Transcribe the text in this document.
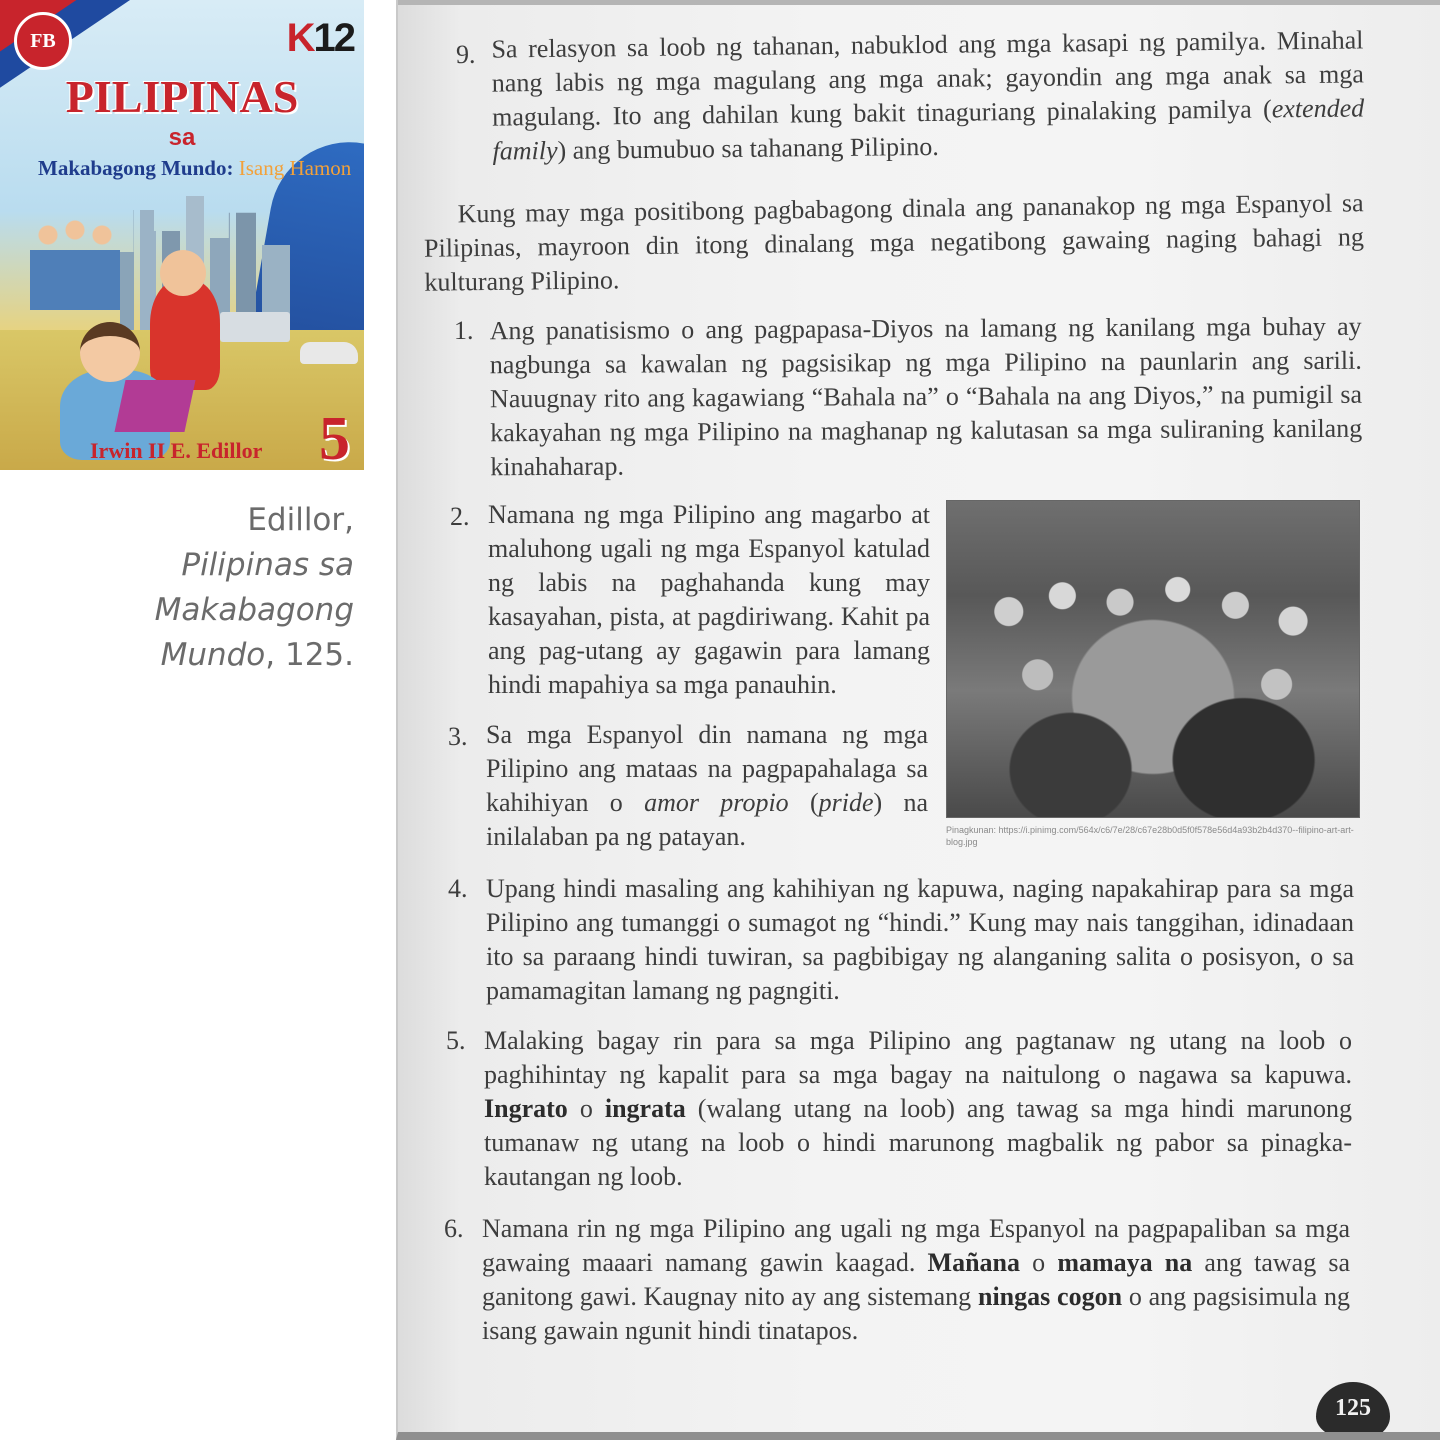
FB	K12
PILIPINAS
sa
Makabagong Mundo: Isang Hamon
Irwin II E. Edillor 5
Edillor,
Pilipinas sa
Makabagong
Mundo, 125.
9. Sa relasyon sa loob ng tahanan, nabuklod ang mga kasapi ng pamilya. Minahal nang labis ng mga magulang ang mga anak; gayondin ang mga anak sa mga magulang. Ito ang dahilan kung bakit tinaguriang pinalaking pamilya (extended family) ang bumubuo sa tahanang Pilipino.
Kung may mga positibong pagbabagong dinala ang pananakop ng mga Espanyol sa Pilipinas, mayroon din itong dinalang mga negatibong gawaing naging bahagi ng kulturang Pilipino.
1. Ang panatisismo o ang pagpapasa-Diyos na lamang ng kanilang mga buhay ay nagbunga sa kawalan ng pagsisikap ng mga Pilipino na paunlarin ang sarili. Nauugnay rito ang kagawiang “Bahala na” o “Bahala na ang Diyos,” na pumigil sa kakayahan ng mga Pilipino na maghanap ng kalutasan sa mga suliraning kanilang kinahaharap.
2. Namana ng mga Pilipino ang magarbo at maluhong ugali ng mga Espanyol katulad ng labis na paghahanda kung may kasayahan, pista, at pagdiriwang. Kahit pa ang pag-utang ay gagawin para lamang hindi mapahiya sa mga panauhin.
3. Sa mga Espanyol din namana ng mga Pilipino ang mataas na pagpapahalaga sa kahihiyan o amor propio (pride) na inilalaban pa ng patayan.	Pinagkunan: https://i.pinimg.com/564x/c6/7e/28/c67e28b0d5f0f578e56d4a93b2b4d370--filipino-art-art-blog.jpg
4. Upang hindi masaling ang kahihiyan ng kapuwa, naging napakahirap para sa mga Pilipino ang tumanggi o sumagot ng “hindi.” Kung may nais tanggihan, idinadaan ito sa paraang hindi tuwiran, sa pagbibigay ng alanganing salita o posisyon, o sa pamamagitan lamang ng pagngiti.
5. Malaking bagay rin para sa mga Pilipino ang pagtanaw ng utang na loob o paghihintay ng kapalit para sa mga bagay na naitulong o nagawa sa kapuwa. Ingrato o ingrata (walang utang na loob) ang tawag sa mga hindi marunong tumanaw ng utang na loob o hindi marunong magbalik ng pabor sa pinagka-kautangan ng loob.
6. Namana rin ng mga Pilipino ang ugali ng mga Espanyol na pagpapaliban sa mga gawaing maaari namang gawin kaagad. Mañana o mamaya na ang tawag sa ganitong gawi. Kaugnay nito ay ang sistemang ningas cogon o ang pagsisimula ng isang gawain ngunit hindi tinatapos.
125
